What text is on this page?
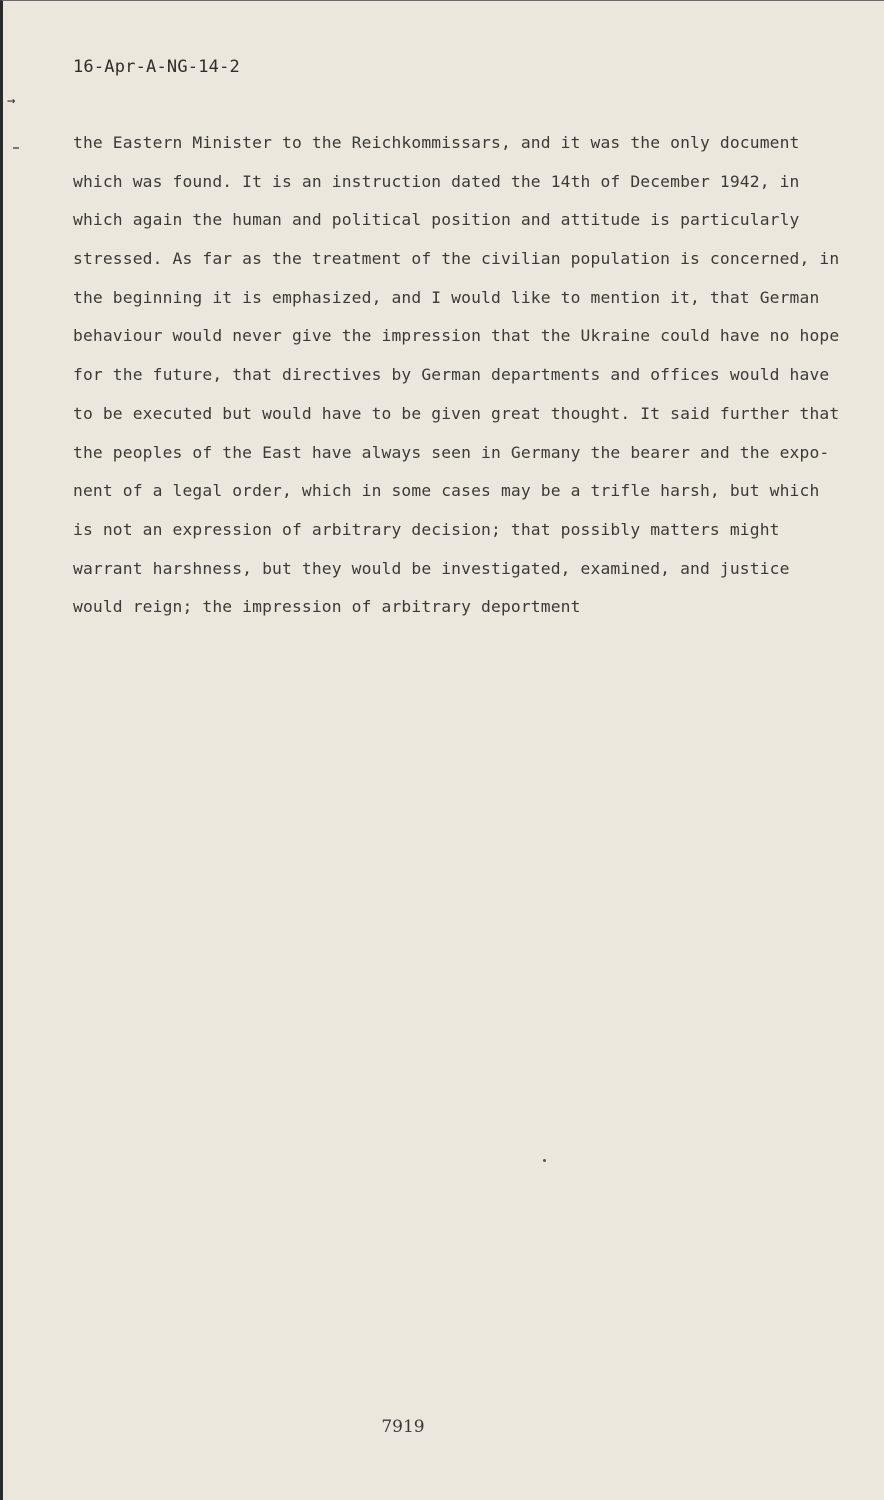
16-Apr-A-NG-14-2
→
the Eastern Minister to the Reichkommissars, and it was the only document
which was found. It is an instruction dated the 14th of December 1942, in
which again the human and political position and attitude is particularly
stressed. As far as the treatment of the civilian population is concerned, in
the beginning it is emphasized, and I would like to mention it, that German
behaviour would never give the impression that the Ukraine could have no hope
for the future, that directives by German departments and offices would have
to be executed but would have to be given great thought. It said further that
the peoples of the East have always seen in Germany the bearer and the expo-
nent of a legal order, which in some cases may be a trifle harsh, but which
is not an expression of arbitrary decision; that possibly matters might
warrant harshness, but they would be investigated, examined, and justice
would reign; the impression of arbitrary deportment
7919
